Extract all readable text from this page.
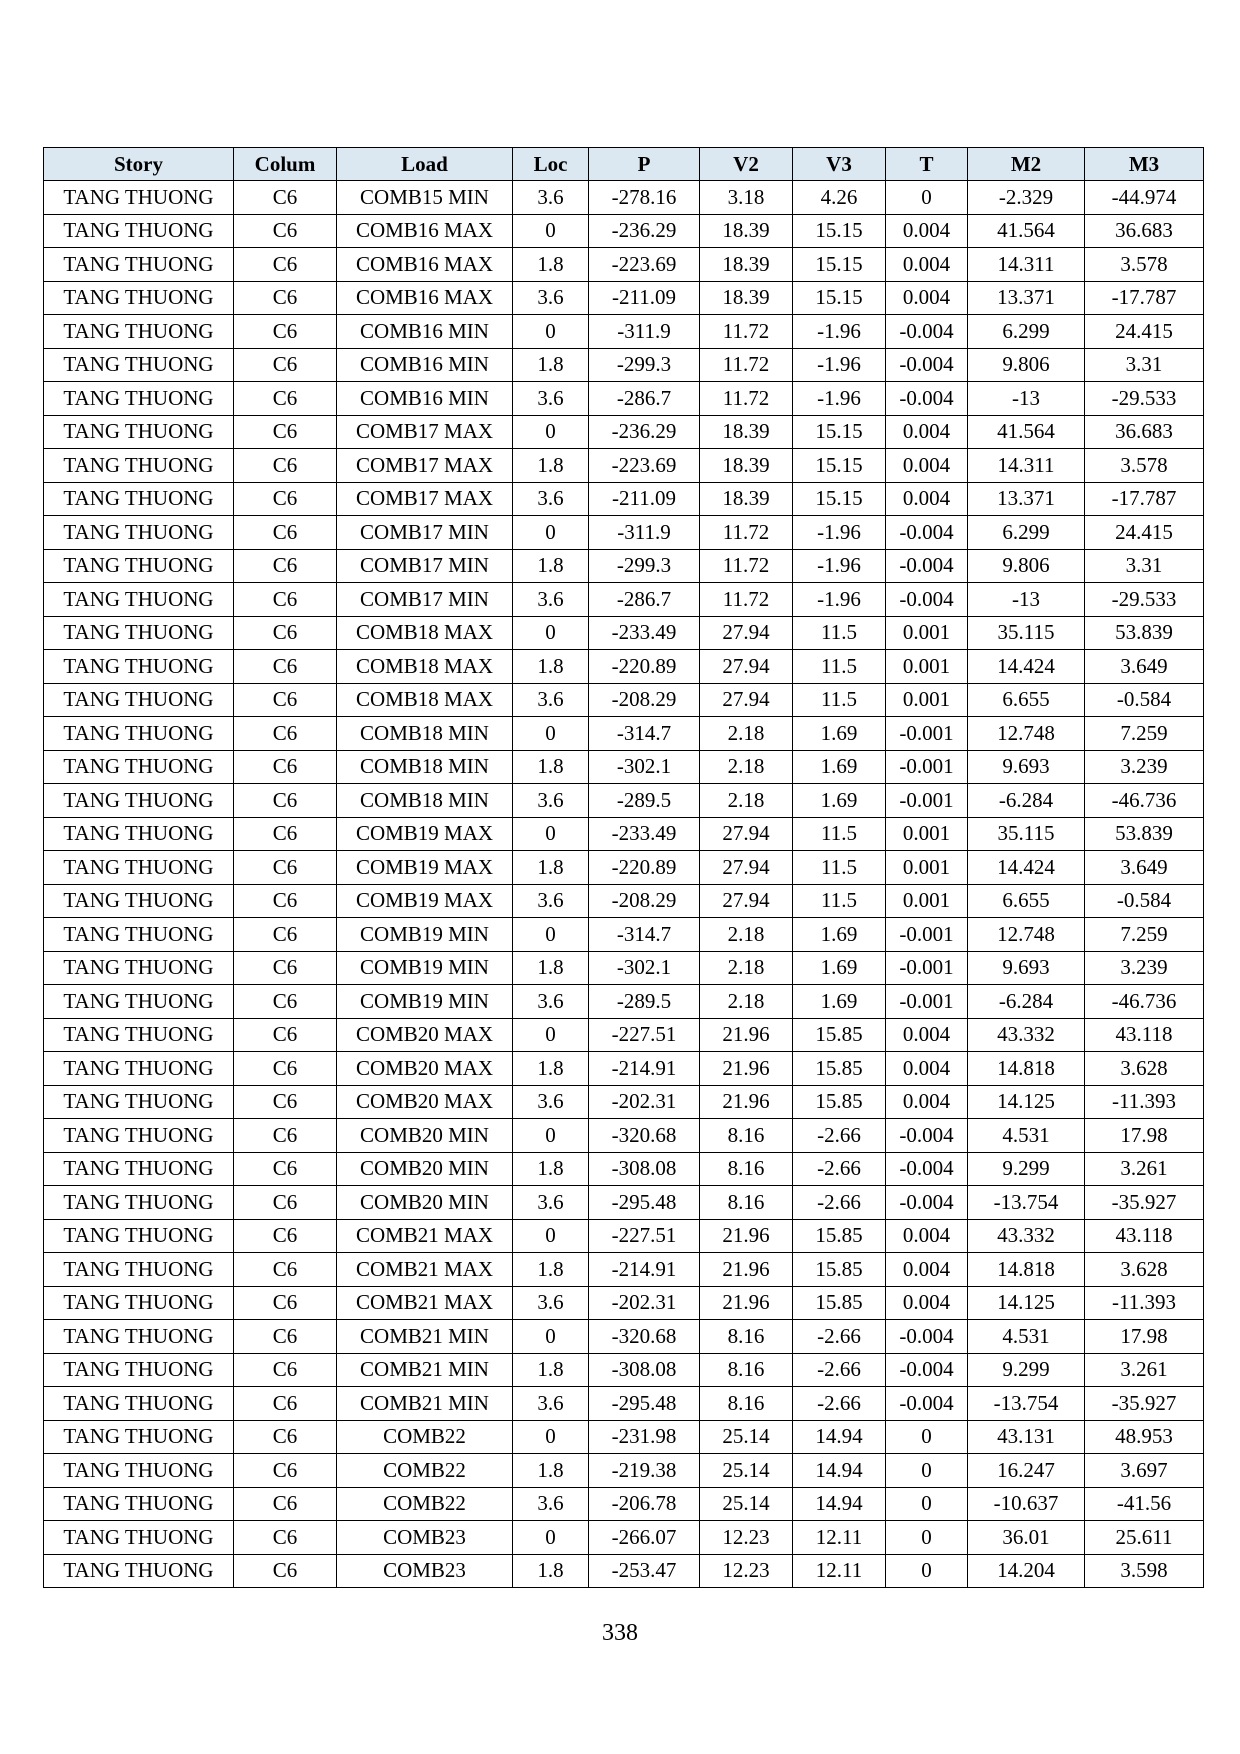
Story	Colum	Load	Loc	P	V2	V3	T	M2	M3
TANG THUONG	C6	COMB15 MIN	3.6	-278.16	3.18	4.26	0	-2.329	-44.974
TANG THUONG	C6	COMB16 MAX	0	-236.29	18.39	15.15	0.004	41.564	36.683
TANG THUONG	C6	COMB16 MAX	1.8	-223.69	18.39	15.15	0.004	14.311	3.578
TANG THUONG	C6	COMB16 MAX	3.6	-211.09	18.39	15.15	0.004	13.371	-17.787
TANG THUONG	C6	COMB16 MIN	0	-311.9	11.72	-1.96	-0.004	6.299	24.415
TANG THUONG	C6	COMB16 MIN	1.8	-299.3	11.72	-1.96	-0.004	9.806	3.31
TANG THUONG	C6	COMB16 MIN	3.6	-286.7	11.72	-1.96	-0.004	-13	-29.533
TANG THUONG	C6	COMB17 MAX	0	-236.29	18.39	15.15	0.004	41.564	36.683
TANG THUONG	C6	COMB17 MAX	1.8	-223.69	18.39	15.15	0.004	14.311	3.578
TANG THUONG	C6	COMB17 MAX	3.6	-211.09	18.39	15.15	0.004	13.371	-17.787
TANG THUONG	C6	COMB17 MIN	0	-311.9	11.72	-1.96	-0.004	6.299	24.415
TANG THUONG	C6	COMB17 MIN	1.8	-299.3	11.72	-1.96	-0.004	9.806	3.31
TANG THUONG	C6	COMB17 MIN	3.6	-286.7	11.72	-1.96	-0.004	-13	-29.533
TANG THUONG	C6	COMB18 MAX	0	-233.49	27.94	11.5	0.001	35.115	53.839
TANG THUONG	C6	COMB18 MAX	1.8	-220.89	27.94	11.5	0.001	14.424	3.649
TANG THUONG	C6	COMB18 MAX	3.6	-208.29	27.94	11.5	0.001	6.655	-0.584
TANG THUONG	C6	COMB18 MIN	0	-314.7	2.18	1.69	-0.001	12.748	7.259
TANG THUONG	C6	COMB18 MIN	1.8	-302.1	2.18	1.69	-0.001	9.693	3.239
TANG THUONG	C6	COMB18 MIN	3.6	-289.5	2.18	1.69	-0.001	-6.284	-46.736
TANG THUONG	C6	COMB19 MAX	0	-233.49	27.94	11.5	0.001	35.115	53.839
TANG THUONG	C6	COMB19 MAX	1.8	-220.89	27.94	11.5	0.001	14.424	3.649
TANG THUONG	C6	COMB19 MAX	3.6	-208.29	27.94	11.5	0.001	6.655	-0.584
TANG THUONG	C6	COMB19 MIN	0	-314.7	2.18	1.69	-0.001	12.748	7.259
TANG THUONG	C6	COMB19 MIN	1.8	-302.1	2.18	1.69	-0.001	9.693	3.239
TANG THUONG	C6	COMB19 MIN	3.6	-289.5	2.18	1.69	-0.001	-6.284	-46.736
TANG THUONG	C6	COMB20 MAX	0	-227.51	21.96	15.85	0.004	43.332	43.118
TANG THUONG	C6	COMB20 MAX	1.8	-214.91	21.96	15.85	0.004	14.818	3.628
TANG THUONG	C6	COMB20 MAX	3.6	-202.31	21.96	15.85	0.004	14.125	-11.393
TANG THUONG	C6	COMB20 MIN	0	-320.68	8.16	-2.66	-0.004	4.531	17.98
TANG THUONG	C6	COMB20 MIN	1.8	-308.08	8.16	-2.66	-0.004	9.299	3.261
TANG THUONG	C6	COMB20 MIN	3.6	-295.48	8.16	-2.66	-0.004	-13.754	-35.927
TANG THUONG	C6	COMB21 MAX	0	-227.51	21.96	15.85	0.004	43.332	43.118
TANG THUONG	C6	COMB21 MAX	1.8	-214.91	21.96	15.85	0.004	14.818	3.628
TANG THUONG	C6	COMB21 MAX	3.6	-202.31	21.96	15.85	0.004	14.125	-11.393
TANG THUONG	C6	COMB21 MIN	0	-320.68	8.16	-2.66	-0.004	4.531	17.98
TANG THUONG	C6	COMB21 MIN	1.8	-308.08	8.16	-2.66	-0.004	9.299	3.261
TANG THUONG	C6	COMB21 MIN	3.6	-295.48	8.16	-2.66	-0.004	-13.754	-35.927
TANG THUONG	C6	COMB22	0	-231.98	25.14	14.94	0	43.131	48.953
TANG THUONG	C6	COMB22	1.8	-219.38	25.14	14.94	0	16.247	3.697
TANG THUONG	C6	COMB22	3.6	-206.78	25.14	14.94	0	-10.637	-41.56
TANG THUONG	C6	COMB23	0	-266.07	12.23	12.11	0	36.01	25.611
TANG THUONG	C6	COMB23	1.8	-253.47	12.23	12.11	0	14.204	3.598
338
